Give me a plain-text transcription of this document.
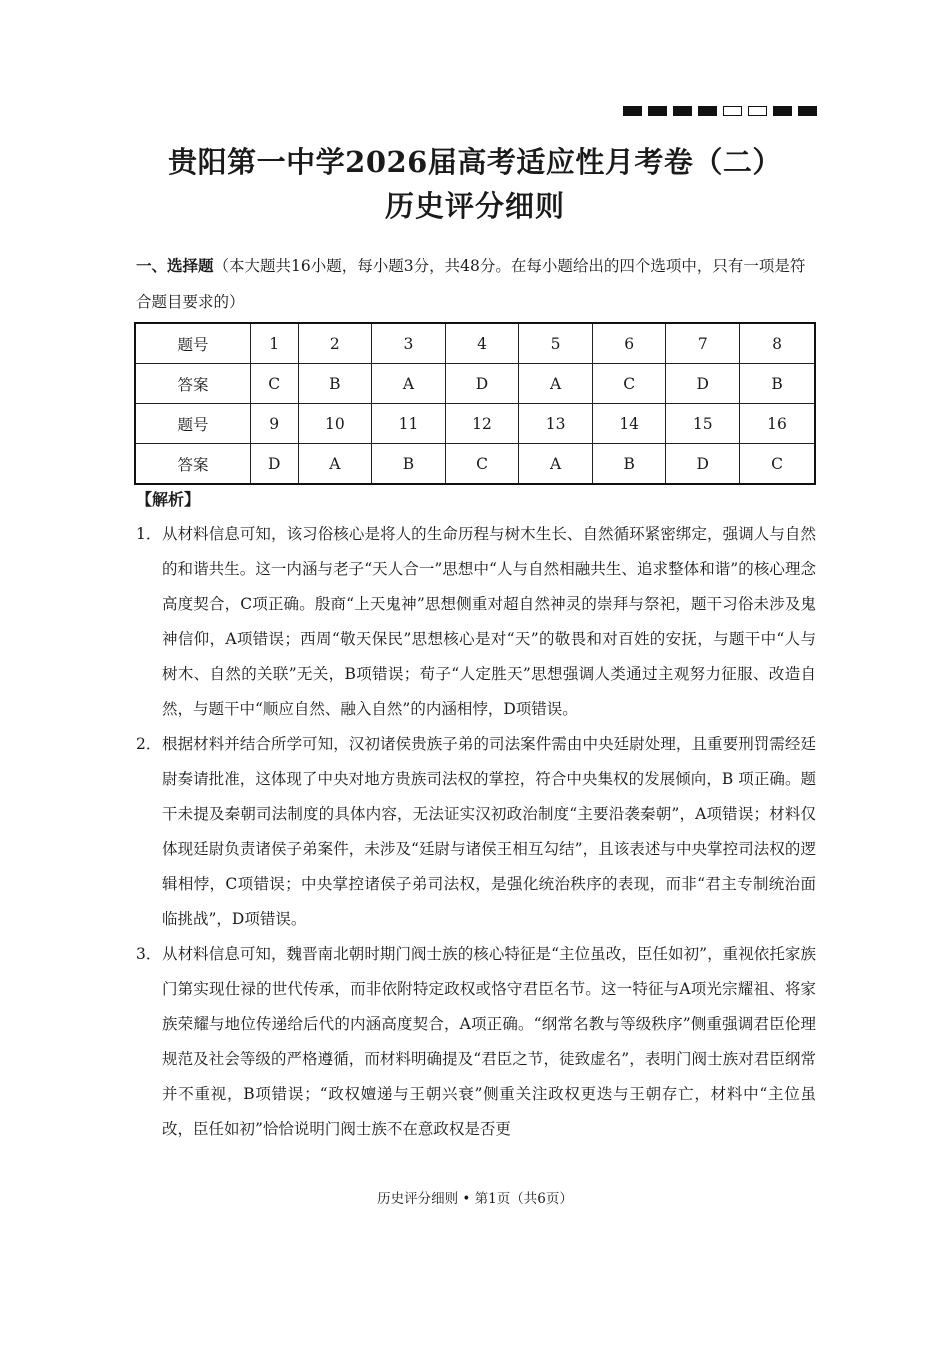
贵阳第一中学2026届高考适应性月考卷（二）
历史评分细则
一、选择题（本大题共16小题，每小题3分，共48分。在每小题给出的四个选项中，只有一项是符合题目要求的）
题号	1	2	3	4	5	6	7	8
答案	C	B	A	D	A	C	D	B
题号	9	10	11	12	13	14	15	16
答案	D	A	B	C	A	B	D	C
【解析】
1． 从材料信息可知，该习俗核心是将人的生命历程与树木生长、自然循环紧密绑定，强调人与自然的和谐共生。这一内涵与老子“天人合一”思想中“人与自然相融共生、追求整体和谐”的核心理念高度契合，C项正确。殷商“上天鬼神”思想侧重对超自然神灵的崇拜与祭祀，题干习俗未涉及鬼神信仰，A项错误；西周“敬天保民”思想核心是对“天”的敬畏和对百姓的安抚，与题干中“人与树木、自然的关联”无关，B项错误；荀子“人定胜天”思想强调人类通过主观努力征服、改造自然，与题干中“顺应自然、融入自然”的内涵相悖，D项错误。
2． 根据材料并结合所学可知，汉初诸侯贵族子弟的司法案件需由中央廷尉处理，且重要刑罚需经廷尉奏请批准，这体现了中央对地方贵族司法权的掌控，符合中央集权的发展倾向，B 项正确。题干未提及秦朝司法制度的具体内容，无法证实汉初政治制度“主要沿袭秦朝”，A项错误；材料仅体现廷尉负责诸侯子弟案件，未涉及“廷尉与诸侯王相互勾结”，且该表述与中央掌控司法权的逻辑相悖，C项错误；中央掌控诸侯子弟司法权，是强化统治秩序的表现，而非“君主专制统治面临挑战”，D项错误。
3． 从材料信息可知，魏晋南北朝时期门阀士族的核心特征是“主位虽改，臣任如初”，重视依托家族门第实现仕禄的世代传承，而非依附特定政权或恪守君臣名节。这一特征与A项光宗耀祖、将家族荣耀与地位传递给后代的内涵高度契合，A项正确。“纲常名教与等级秩序”侧重强调君臣伦理规范及社会等级的严格遵循，而材料明确提及“君臣之节，徒致虚名”，表明门阀士族对君臣纲常并不重视，B项错误；“政权嬗递与王朝兴衰”侧重关注政权更迭与王朝存亡，材料中“主位虽改，臣任如初”恰恰说明门阀士族不在意政权是否更
历史评分细则 • 第1页（共6页）
